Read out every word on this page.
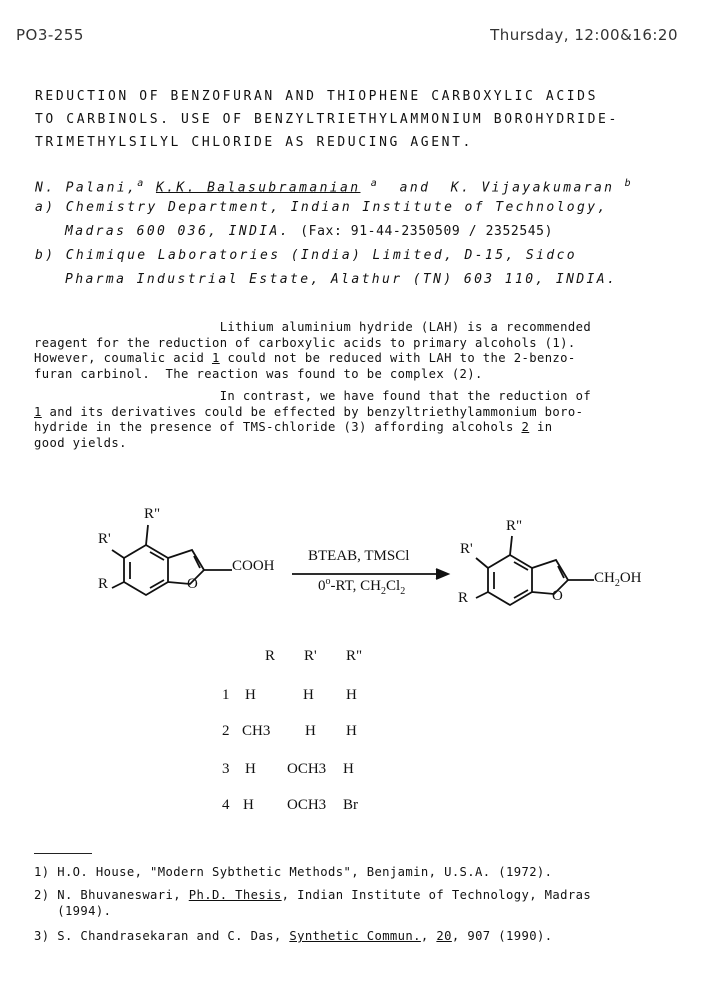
PO3-255	Thursday, 12:00&16:20
REDUCTION OF BENZOFURAN AND THIOPHENE CARBOXYLIC ACIDS
TO CARBINOLS. USE OF BENZYLTRIETHYLAMMONIUM BOROHYDRIDE-
TRIMETHYLSILYL CHLORIDE AS REDUCING AGENT.
N. Palani,$^a$ K.K. Balasubramanian $^a$ and K. Vijayakumaran $^b$
a) Chemistry Department, Indian Institute of Technology,
Madras 600 036, INDIA. (Fax: 91-44-2350509 / 2352545)
b) Chimique Laboratories (India) Limited, D-15, Sidco
Pharma Industrial Estate, Alathur (TN) 603 110, INDIA.
Lithium aluminium hydride (LAH) is a recommended
reagent for the reduction of carboxylic acids to primary alcohols (1).
However, coumalic acid 1 could not be reduced with LAH to the 2-benzo-
furan carbinol.  The reaction was found to be complex (2).
In contrast, we have found that the reduction of
1 and its derivatives could be effected by benzyltriethylammonium boro-
hydride in the presence of TMS-chloride (3) affording alcohols 2 in
good yields.
R"
R'
R	O
COOH
BTEAB, TMSCl
0$^o$-RT, $CH_2Cl_2$
R"
R'
R	O
$CH_2OH$
R R' R"
1 H	H H
2 CH3 H H
3 H OCH3 H
4 H OCH3 Br
1) H.O. House, "Modern Sybthetic Methods", Benjamin, U.S.A. (1972).
2) N. Bhuvaneswari, Ph.D. Thesis, Indian Institute of Technology, Madras
(1994).
3) S. Chandrasekaran and C. Das, Synthetic Commun., 20, 907 (1990).
